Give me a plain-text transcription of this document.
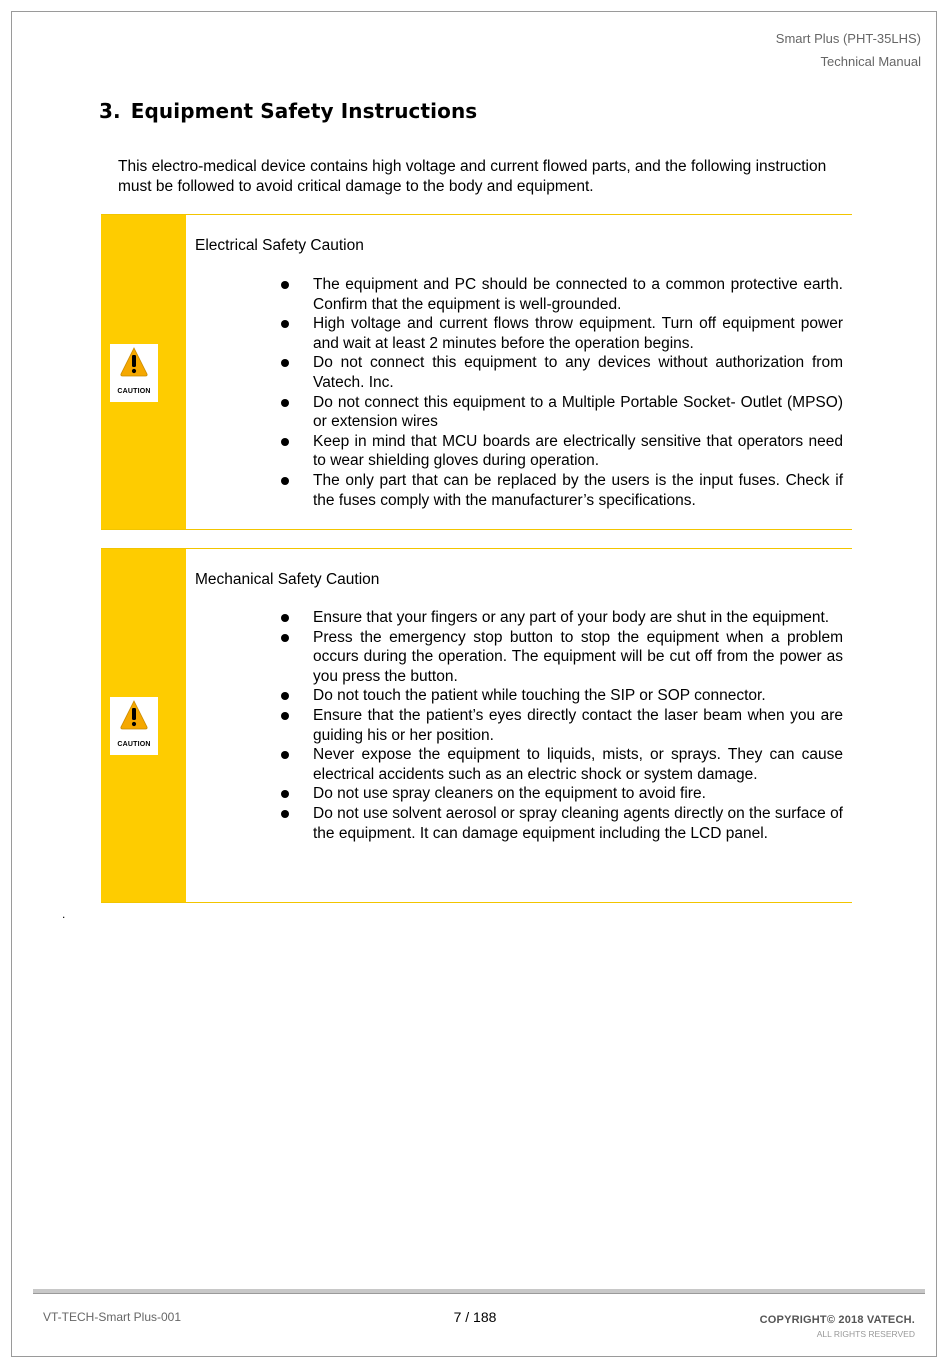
Smart Plus (PHT-35LHS)
Technical Manual
3. Equipment Safety Instructions
This electro-medical device contains high voltage and current flowed parts, and the following instruction must be followed to avoid critical damage to the body and equipment.
CAUTION
Electrical Safety Caution
The equipment and PC should be connected to a common protective earth. Confirm that the equipment is well-grounded.
High voltage and current flows throw equipment. Turn off equipment power and wait at least 2 minutes before the operation begins.
Do not connect this equipment to any devices without authorization from Vatech. Inc.
Do not connect this equipment to a Multiple Portable Socket- Outlet (MPSO) or extension wires
Keep in mind that MCU boards are electrically sensitive that operators need to wear shielding gloves during operation.
The only part that can be replaced by the users is the input fuses. Check if the fuses comply with the manufacturer’s specifications.
CAUTION
Mechanical Safety Caution
Ensure that your fingers or any part of your body are shut in the equipment.
Press the emergency stop button to stop the equipment when a problem occurs during the operation. The equipment will be cut off from the power as you press the button.
Do not touch the patient while touching the SIP or SOP connector.
Ensure that the patient’s eyes directly contact the laser beam when you are guiding his or her position.
Never expose the equipment to liquids, mists, or sprays. They can cause electrical accidents such as an electric shock or system damage.
Do not use spray cleaners on the equipment to avoid fire.
Do not use solvent aerosol or spray cleaning agents directly on the surface of the equipment. It can damage equipment including the LCD panel.
.
VT-TECH-Smart Plus-001	7 / 188	COPYRIGHT© 2018 VATECH.
ALL RIGHTS RESERVED
